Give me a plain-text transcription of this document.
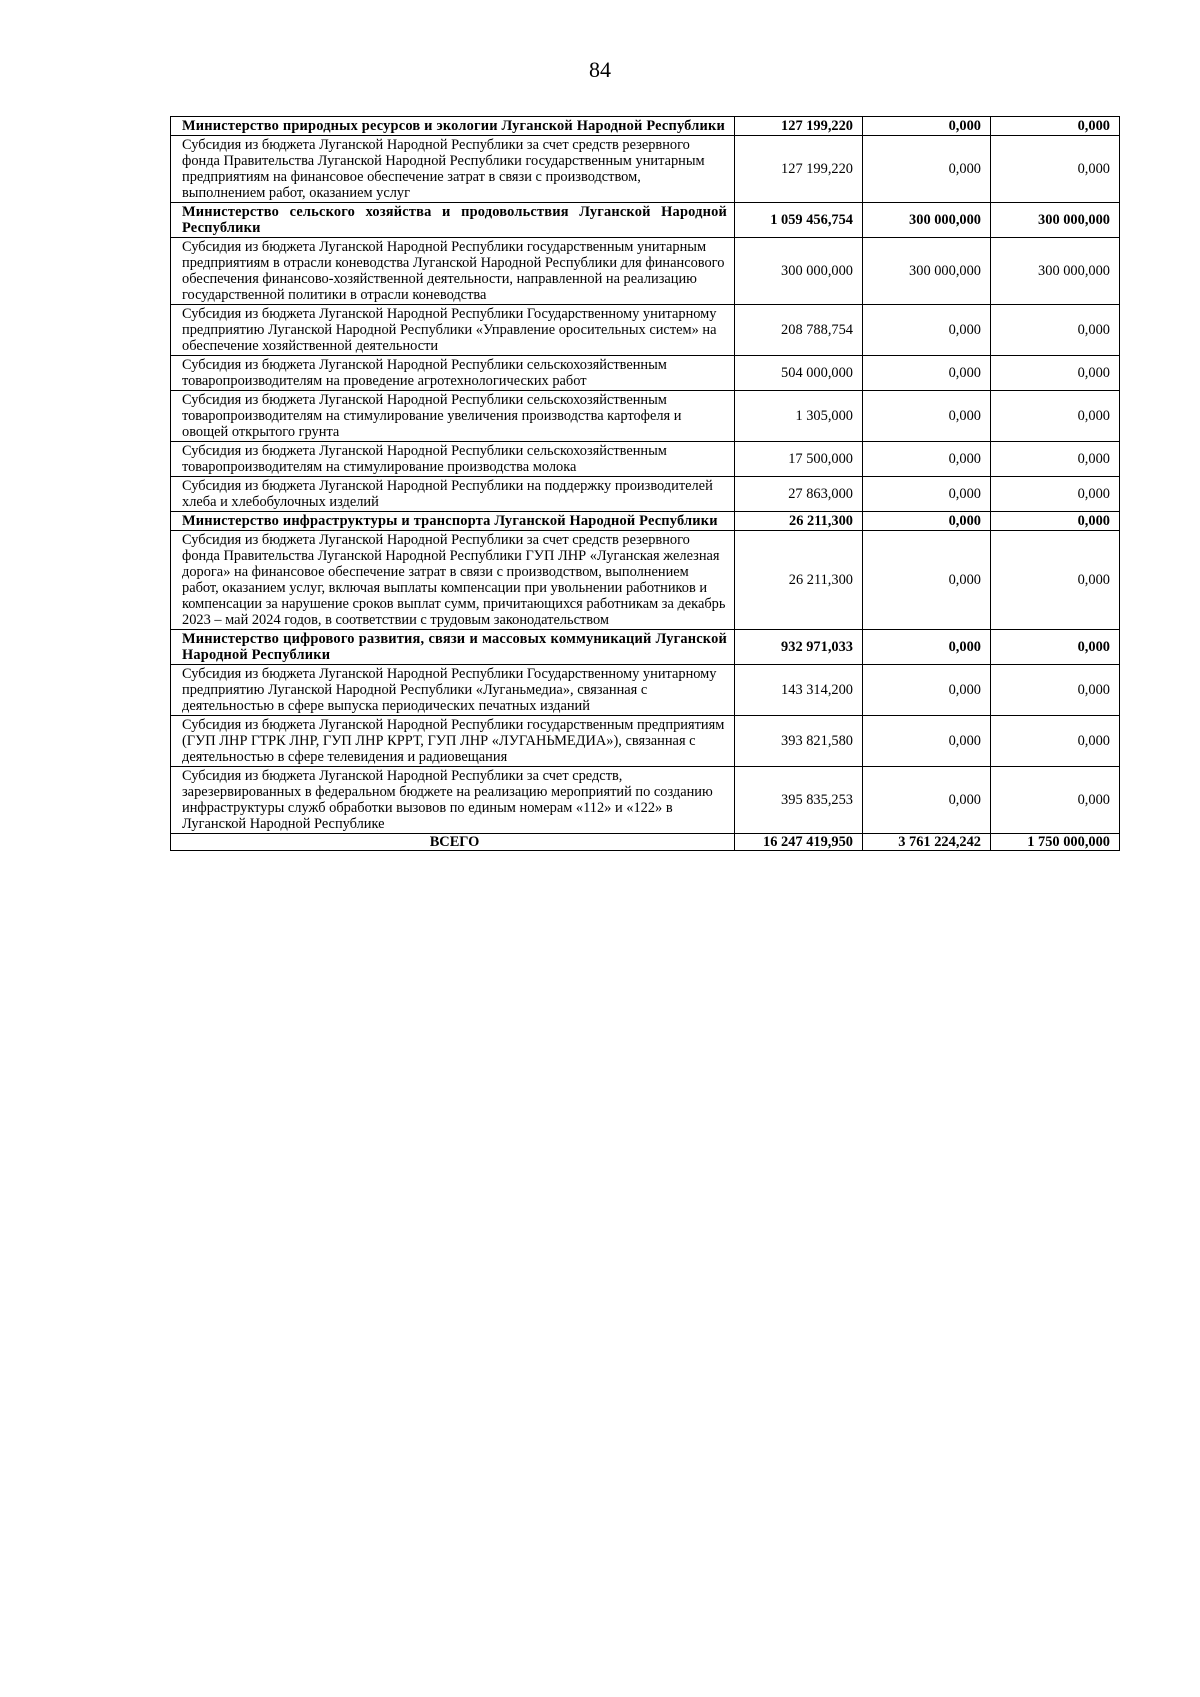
84
Министерство природных ресурсов и экологии Луганской Народной Республики	127 199,220	0,000	0,000
Субсидия из бюджета Луганской Народной Республики за счет средств резервного фонда Правительства Луганской Народной Республики государственным унитарным предприятиям на финансовое обеспечение затрат в связи с производством, выполнением работ, оказанием услуг	127 199,220	0,000	0,000
Министерство сельского хозяйства и продовольствия Луганской Народной Республики	1 059 456,754	300 000,000	300 000,000
Субсидия из бюджета Луганской Народной Республики государственным унитарным предприятиям в отрасли коневодства Луганской Народной Республики для финансового обеспечения финансово-хозяйственной деятельности, направленной на реализацию государственной политики в отрасли коневодства	300 000,000	300 000,000	300 000,000
Субсидия из бюджета Луганской Народной Республики Государственному унитарному предприятию Луганской Народной Республики «Управление оросительных систем» на обеспечение хозяйственной деятельности	208 788,754	0,000	0,000
Субсидия из бюджета Луганской Народной Республики сельскохозяйственным товаропроизводителям на проведение агротехнологических работ	504 000,000	0,000	0,000
Субсидия из бюджета Луганской Народной Республики сельскохозяйственным товаропроизводителям на стимулирование увеличения производства картофеля и овощей открытого грунта	1 305,000	0,000	0,000
Субсидия из бюджета Луганской Народной Республики сельскохозяйственным товаропроизводителям на стимулирование производства молока	17 500,000	0,000	0,000
Субсидия из бюджета Луганской Народной Республики на поддержку производителей хлеба и хлебобулочных изделий	27 863,000	0,000	0,000
Министерство инфраструктуры и транспорта Луганской Народной Республики	26 211,300	0,000	0,000
Субсидия из бюджета Луганской Народной Республики за счет средств резервного фонда Правительства Луганской Народной Республики ГУП ЛНР «Луганская железная дорога» на финансовое обеспечение затрат в связи с производством, выполнением работ, оказанием услуг, включая выплаты компенсации при увольнении работников и компенсации за нарушение сроков выплат сумм, причитающихся работникам за декабрь 2023 – май 2024 годов, в соответствии с трудовым законодательством	26 211,300	0,000	0,000
Министерство цифрового развития, связи и массовых коммуникаций Луганской Народной Республики	932 971,033	0,000	0,000
Субсидия из бюджета Луганской Народной Республики Государственному унитарному предприятию Луганской Народной Республики «Луганьмедиа», связанная с деятельностью в сфере выпуска периодических печатных изданий	143 314,200	0,000	0,000
Субсидия из бюджета Луганской Народной Республики государственным предприятиям (ГУП ЛНР ГТРК ЛНР, ГУП ЛНР КРРТ, ГУП ЛНР «ЛУГАНЬМЕДИА»), связанная с деятельностью в сфере телевидения и радиовещания	393 821,580	0,000	0,000
Субсидия из бюджета Луганской Народной Республики за счет средств, зарезервированных в федеральном бюджете на реализацию мероприятий по созданию инфраструктуры служб обработки вызовов по единым номерам «112» и «122» в Луганской Народной Республике	395 835,253	0,000	0,000
ВСЕГО	16 247 419,950	3 761 224,242	1 750 000,000
